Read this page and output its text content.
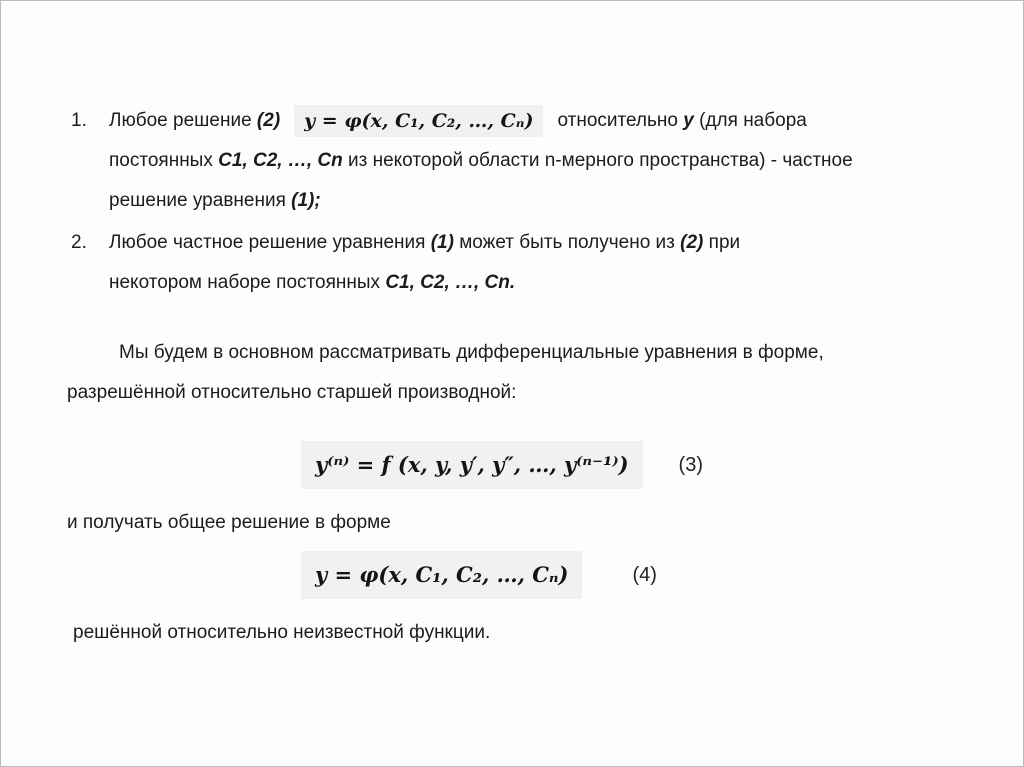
1.	Любое решение (2) y = φ(x, C₁, C₂, …, Cₙ) относительно y (для набора
постоянных C1, C2, …, Cn из некоторой области n-мерного пространства) - частное
решение уравнения (1);
2.	Любое частное решение уравнения (1) может быть получено из (2) при
некотором наборе постоянных C1, C2, …, Cn.
Мы будем в основном рассматривать дифференциальные уравнения в форме,
разрешённой относительно старшей производной:
y⁽ⁿ⁾ = f (x, y, y′, y″, …, y⁽ⁿ⁻¹⁾)	(3)
и получать общее решение в форме
y = φ(x, C₁, C₂, …, Cₙ)	(4)
решённой относительно неизвестной функции.
